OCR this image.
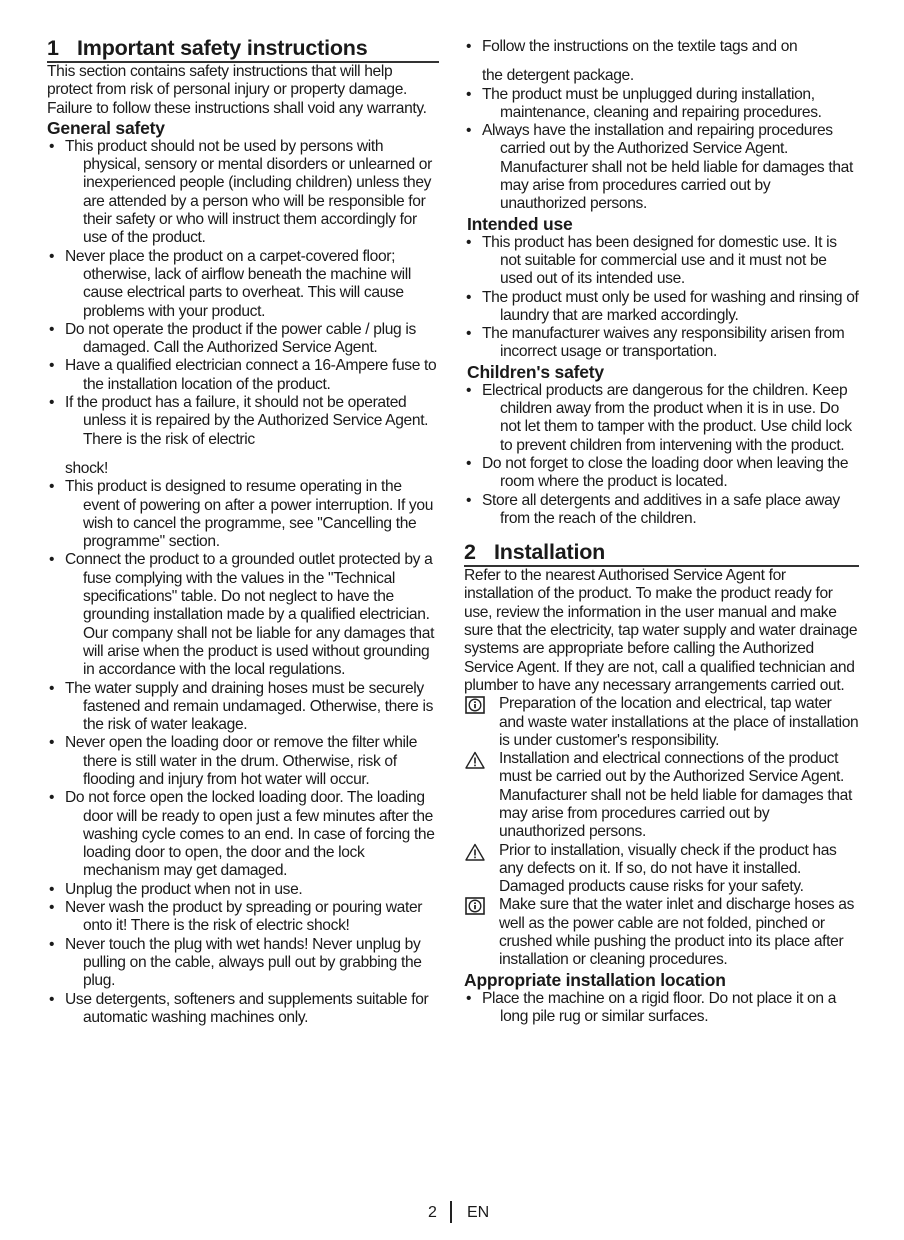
1 Important safety instructions

This section contains safety instructions that will help protect from risk of personal injury or property damage. Failure to follow these instructions shall void any warranty.

General safety
• This product should not be used by persons with physical, sensory or mental disorders or unlearned or inexperienced people (including children) unless they are attended by a person who will be responsible for their safety or who will instruct them accordingly for use of the product.
• Never place the product on a carpet-covered floor; otherwise, lack of airflow beneath the machine will cause electrical parts to overheat. This will cause problems with your product.
• Do not operate the product if the power cable / plug is damaged. Call the Authorized Service Agent.
• Have a qualified electrician connect a 16-Ampere fuse to the installation location of the product.
• If the product has a failure, it should not be operated unless it is repaired by the Authorized Service Agent. There is the risk of electric
shock!
• This product is designed to resume operating in the event of powering on after a power interruption. If you wish to cancel the programme, see "Cancelling the programme" section.
• Connect the product to a grounded outlet protected by a fuse complying with the values in the "Technical specifications" table. Do not neglect to have the grounding installation made by a qualified electrician. Our company shall not be liable for any damages that will arise when the product is used without grounding in accordance with the local regulations.
• The water supply and draining hoses must be securely fastened and remain undamaged. Otherwise, there is the risk of water leakage.
• Never open the loading door or remove the filter while there is still water in the drum. Otherwise, risk of flooding and injury from hot water will occur.
• Do not force open the locked loading door. The loading door will be ready to open just a few minutes after the washing cycle comes to an end. In case of forcing the loading door to open, the door and the lock mechanism may get damaged.
• Unplug the product when not in use.
• Never wash the product by spreading or pouring water onto it! There is the risk of electric shock!
• Never touch the plug with wet hands! Never unplug by pulling on the cable, always pull out by grabbing the plug.
• Use detergents, softeners and supplements suitable for automatic washing machines only.
• Follow the instructions on the textile tags and on
the detergent package.
• The product must be unplugged during installation, maintenance, cleaning and repairing procedures.
• Always have the installation and repairing procedures carried out by the Authorized Service Agent. Manufacturer shall not be held liable for damages that may arise from procedures carried out by unauthorized persons.
Intended use
• This product has been designed for domestic use. It is not suitable for commercial use and it must not be used out of its intended use.
• The product must only be used for washing and rinsing of laundry that are marked accordingly.
• The manufacturer waives any responsibility arisen from incorrect usage or transportation.
Children's safety
• Electrical products are dangerous for the children. Keep children away from the product when it is in use. Do not let them to tamper with the product. Use child lock to prevent children from intervening with the product.
• Do not forget to close the loading door when leaving the room where the product is located.
• Store all detergents and additives in a safe place away from the reach of the children.
2 Installation

Refer to the nearest Authorised Service Agent for installation of the product. To make the product ready for use, review the information in the user manual and make sure that the electricity, tap water supply and water drainage systems are appropriate before calling the Authorized Service Agent. If they are not, call a qualified technician and plumber to have any necessary arrangements carried out.

Preparation of the location and electrical, tap water and waste water installations at the place of installation is under customer's responsibility.
Installation and electrical connections of the product must be carried out by the Authorized Service Agent. Manufacturer shall not be held liable for damages that may arise from procedures carried out by unauthorized persons.
Prior to installation, visually check if the product has any defects on it. If so, do not have it installed. Damaged products cause risks for your safety.
Make sure that the water inlet and discharge hoses as well as the power cable are not folded, pinched or crushed while pushing the product into its place after installation or cleaning procedures.
Appropriate installation location
• Place the machine on a rigid floor. Do not place it on a long pile rug or similar surfaces.
2 EN
